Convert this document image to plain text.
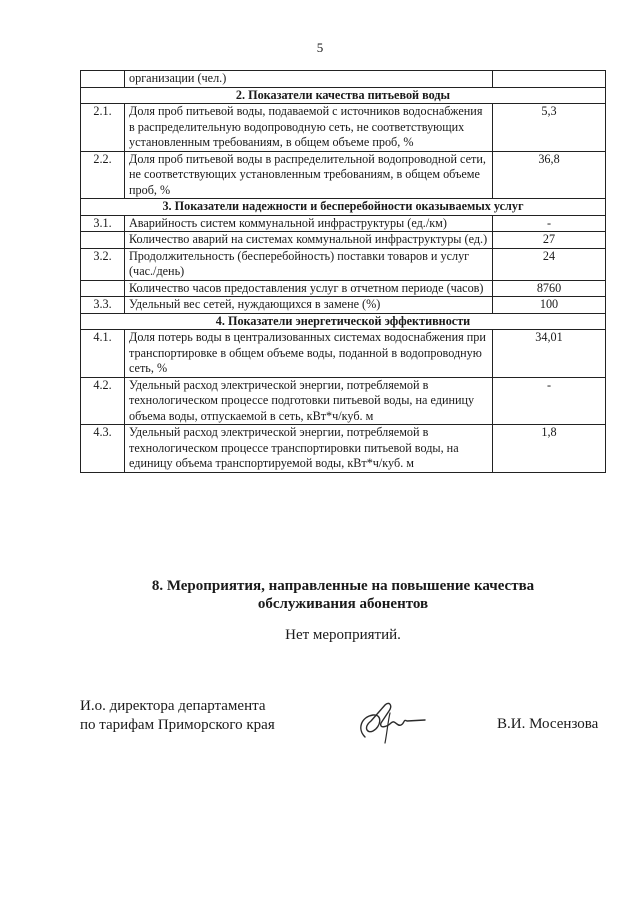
5
	организации (чел.)	
2. Показатели качества питьевой воды		
2.1.	Доля проб питьевой воды, подаваемой с источников водоснабжения в распределительную водопроводную сеть, не соответствующих установленным требованиям, в общем объеме проб, %	5,3
2.2.	Доля проб питьевой воды в распределительной водопроводной сети, не соответствующих установленным требованиям, в общем объеме проб, %	36,8
3. Показатели надежности и бесперебойности оказываемых услуг		
3.1.	Аварийность систем коммунальной инфраструктуры (ед./км)	-
	Количество аварий на системах коммунальной инфраструктуры (ед.)	27
3.2.	Продолжительность (бесперебойность) поставки товаров и услуг (час./день)	24
	Количество часов предоставления услуг в отчетном периоде (часов)	8760
3.3.	Удельный вес сетей, нуждающихся в замене (%)	100
4. Показатели энергетической эффективности		
4.1.	Доля потерь воды в централизованных системах водоснабжения при транспортировке в общем объеме воды, поданной в водопроводную сеть, %	34,01
4.2.	Удельный расход электрической энергии, потребляемой в технологическом процессе подготовки питьевой воды, на единицу объема воды, отпускаемой в сеть, кВт*ч/куб. м	-
4.3.	Удельный расход электрической энергии, потребляемой в технологическом процессе транспортировки питьевой воды, на единицу объема транспортируемой воды, кВт*ч/куб. м	1,8
8. Мероприятия, направленные на повышение качества
обслуживания абонентов
Нет мероприятий.
И.о. директора департамента
по тарифам Приморского края	В.И. Мосензова
